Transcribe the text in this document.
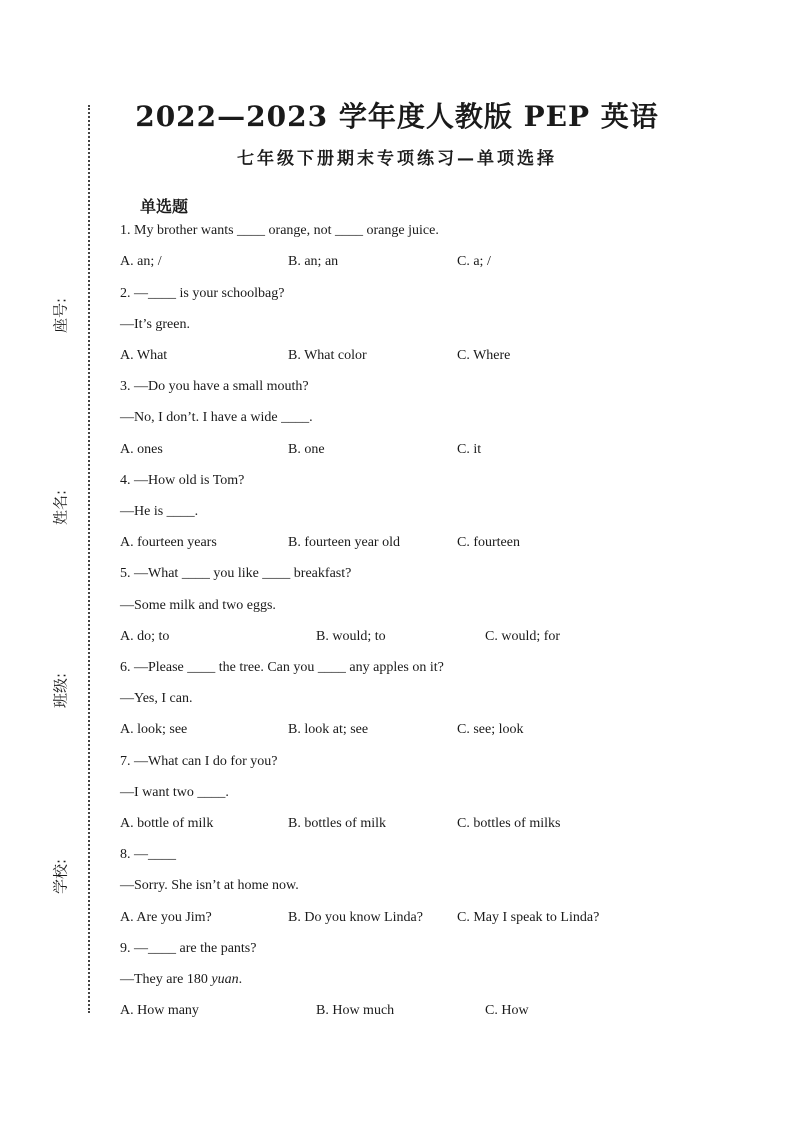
座号:
姓名:
班级:
学校:
2022—2023 学年度人教版 PEP 英语
七年级下册期末专项练习—单项选择
单选题
1. My brother wants ____ orange, not ____ orange juice.
A. an; /	B. an; an	C. a; /
2. —____ is your schoolbag?
—It’s green.
A. What	B. What color	C. Where
3. —Do you have a small mouth?
—No, I don’t. I have a wide ____.
A. ones	B. one	C. it
4. —How old is Tom?
—He is ____.
A. fourteen years	B. fourteen year old	C. fourteen
5. —What ____ you like ____ breakfast?
—Some milk and two eggs.
A. do; to	B. would; to	C. would; for
6. —Please ____ the tree. Can you ____ any apples on it?
—Yes, I can.
A. look; see	B. look at; see	C. see; look
7. —What can I do for you?
—I want two ____.
A. bottle of milk	B. bottles of milk	C. bottles of milks
8. —____
—Sorry. She isn’t at home now.
A. Are you Jim?	B. Do you know Linda? C. May I speak to Linda?
9. —____ are the pants?
—They are 180 yuan.
A. How many	B. How much	C. How
